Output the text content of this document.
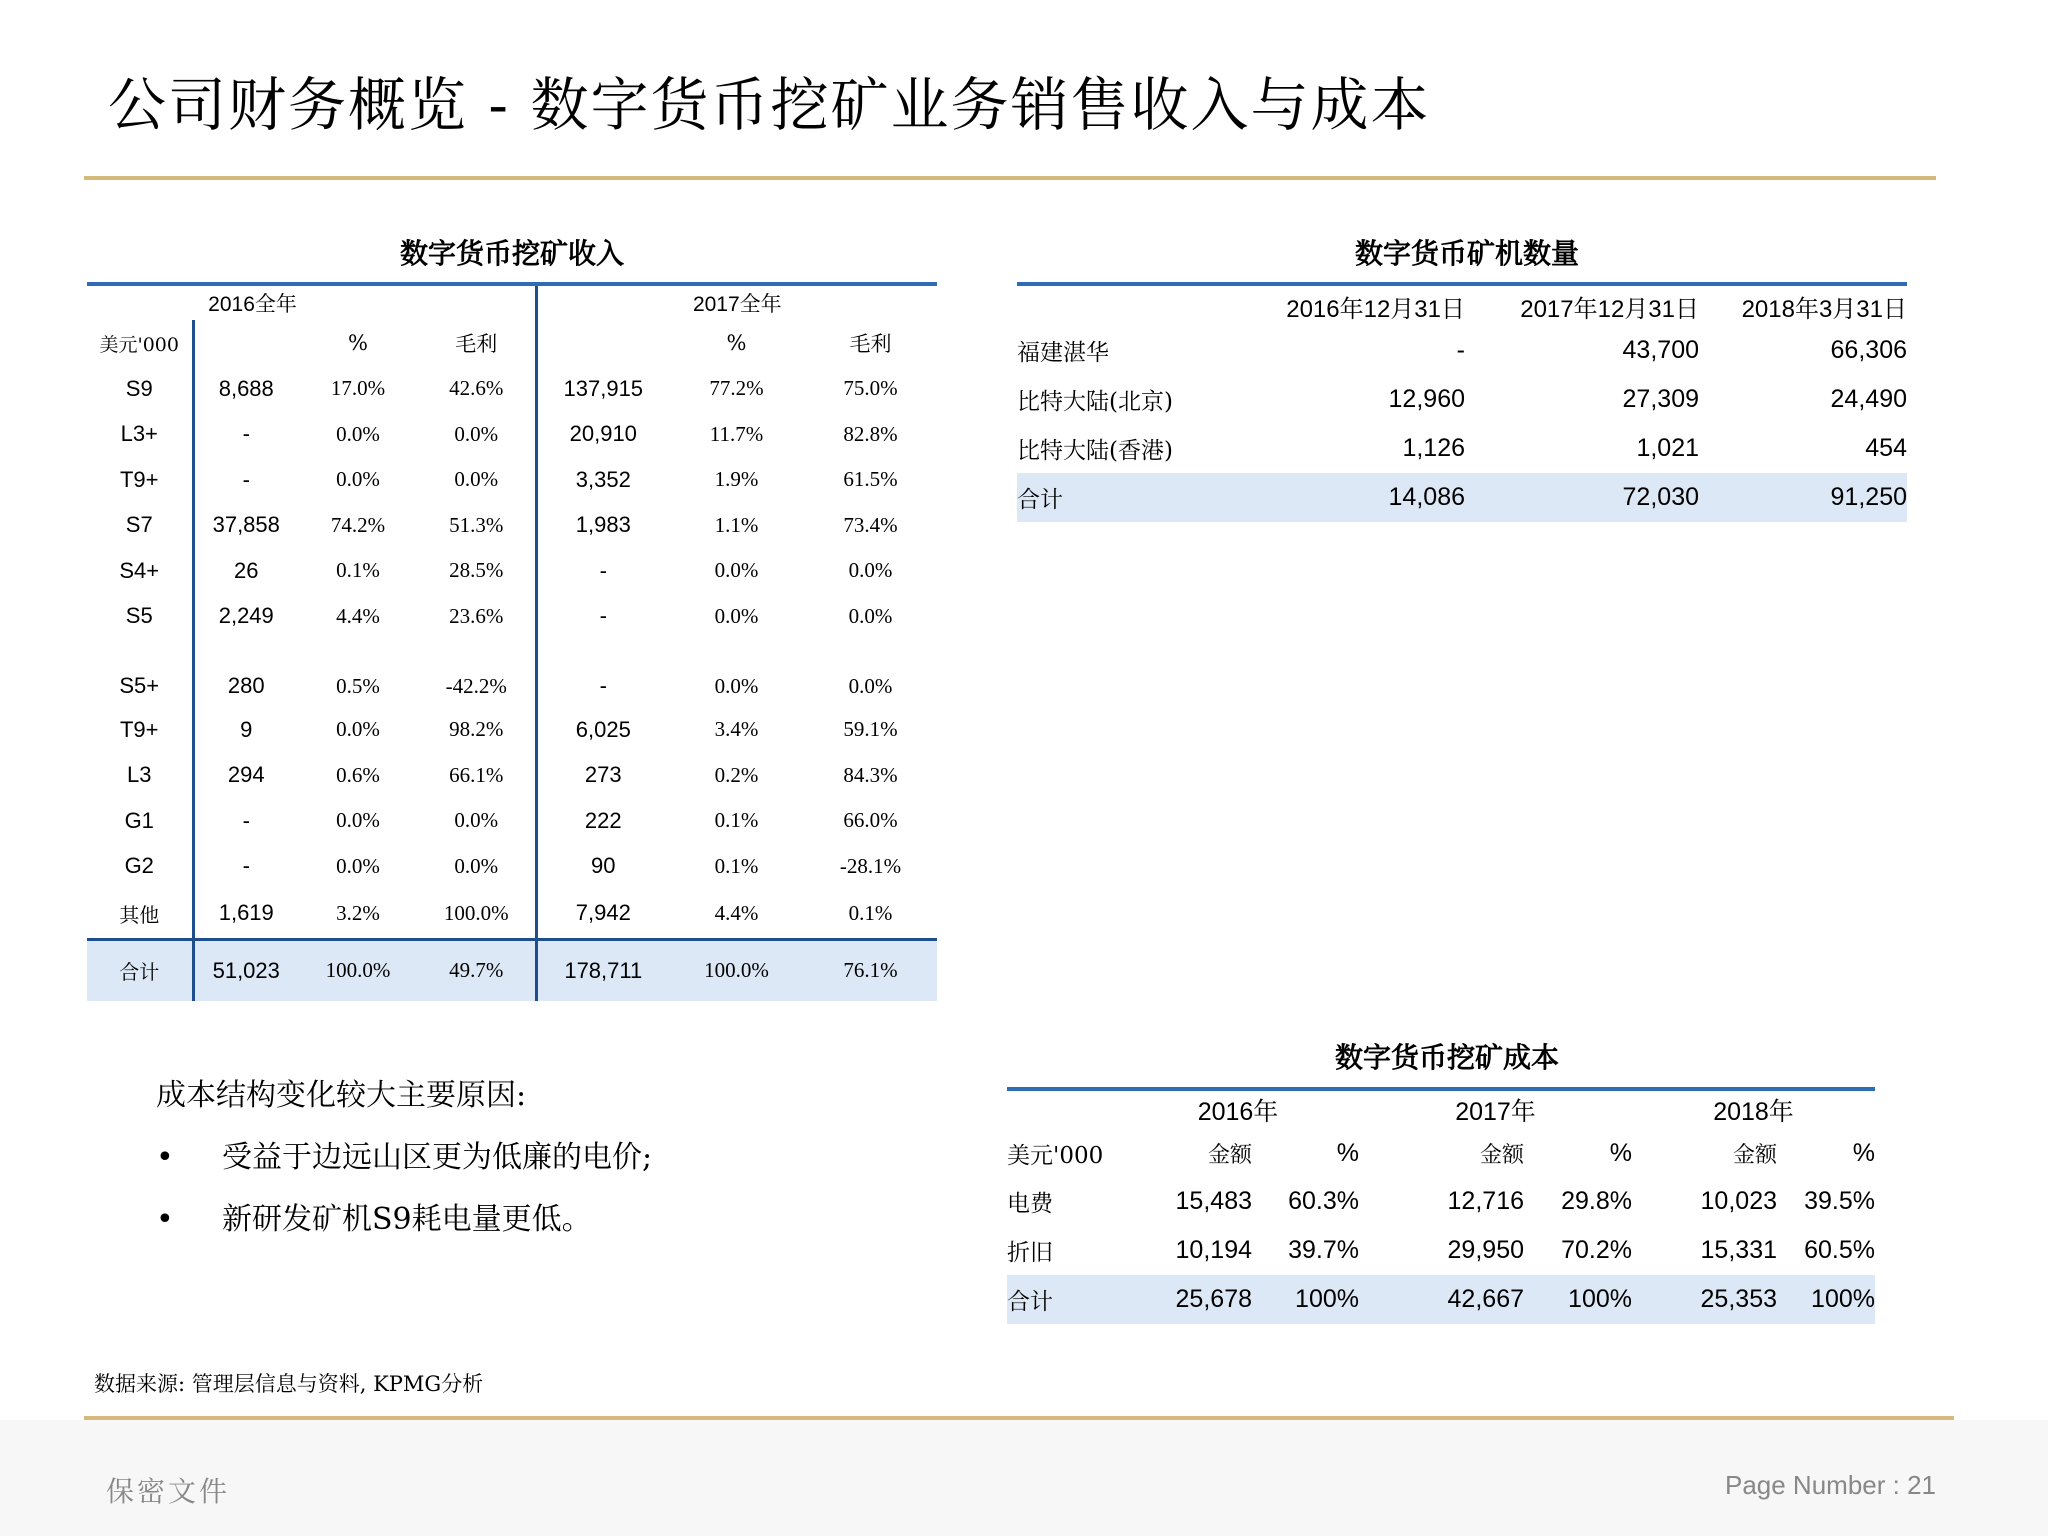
公司财务概览 - 数字货币挖矿业务销售收入与成本
数字货币挖矿收入
2016全年				2017全年		
美元'000		%	毛利		%	毛利
S9	8,688	17.0%	42.6%	137,915	77.2%	75.0%
L3+	-	0.0%	0.0%	20,910	11.7%	82.8%
T9+	-	0.0%	0.0%	3,352	1.9%	61.5%
S7	37,858	74.2%	51.3%	1,983	1.1%	73.4%
S4+	26	0.1%	28.5%	-	0.0%	0.0%
S5	2,249	4.4%	23.6%	-	0.0%	0.0%
S5+	280	0.5%	-42.2%	-	0.0%	0.0%
T9+	9	0.0%	98.2%	6,025	3.4%	59.1%
L3	294	0.6%	66.1%	273	0.2%	84.3%
G1	-	0.0%	0.0%	222	0.1%	66.0%
G2	-	0.0%	0.0%	90	0.1%	-28.1%
其他	1,619	3.2%	100.0%	7,942	4.4%	0.1%
合计	51,023	100.0%	49.7%	178,711	100.0%	76.1%
数字货币矿机数量
	2016年12月31日	2017年12月31日	2018年3月31日
福建湛华	-	43,700	66,306
比特大陆(北京)	12,960	27,309	24,490
比特大陆(香港)	1,126	1,021	454
合计	14,086	72,030	91,250
数字货币挖矿成本
	2016年		2017年		2018年	
美元'000	金额	%	金额	%	金额	%
电费	15,483	60.3%	12,716	29.8%	10,023	39.5%
折旧	10,194	39.7%	29,950	70.2%	15,331	60.5%
合计	25,678	100%	42,667	100%	25,353	100%
成本结构变化较大主要原因:
• 受益于边远山区更为低廉的电价;
• 新研发矿机S9耗电量更低。
数据来源: 管理层信息与资料, KPMG分析
保密文件	Page Number : 21
